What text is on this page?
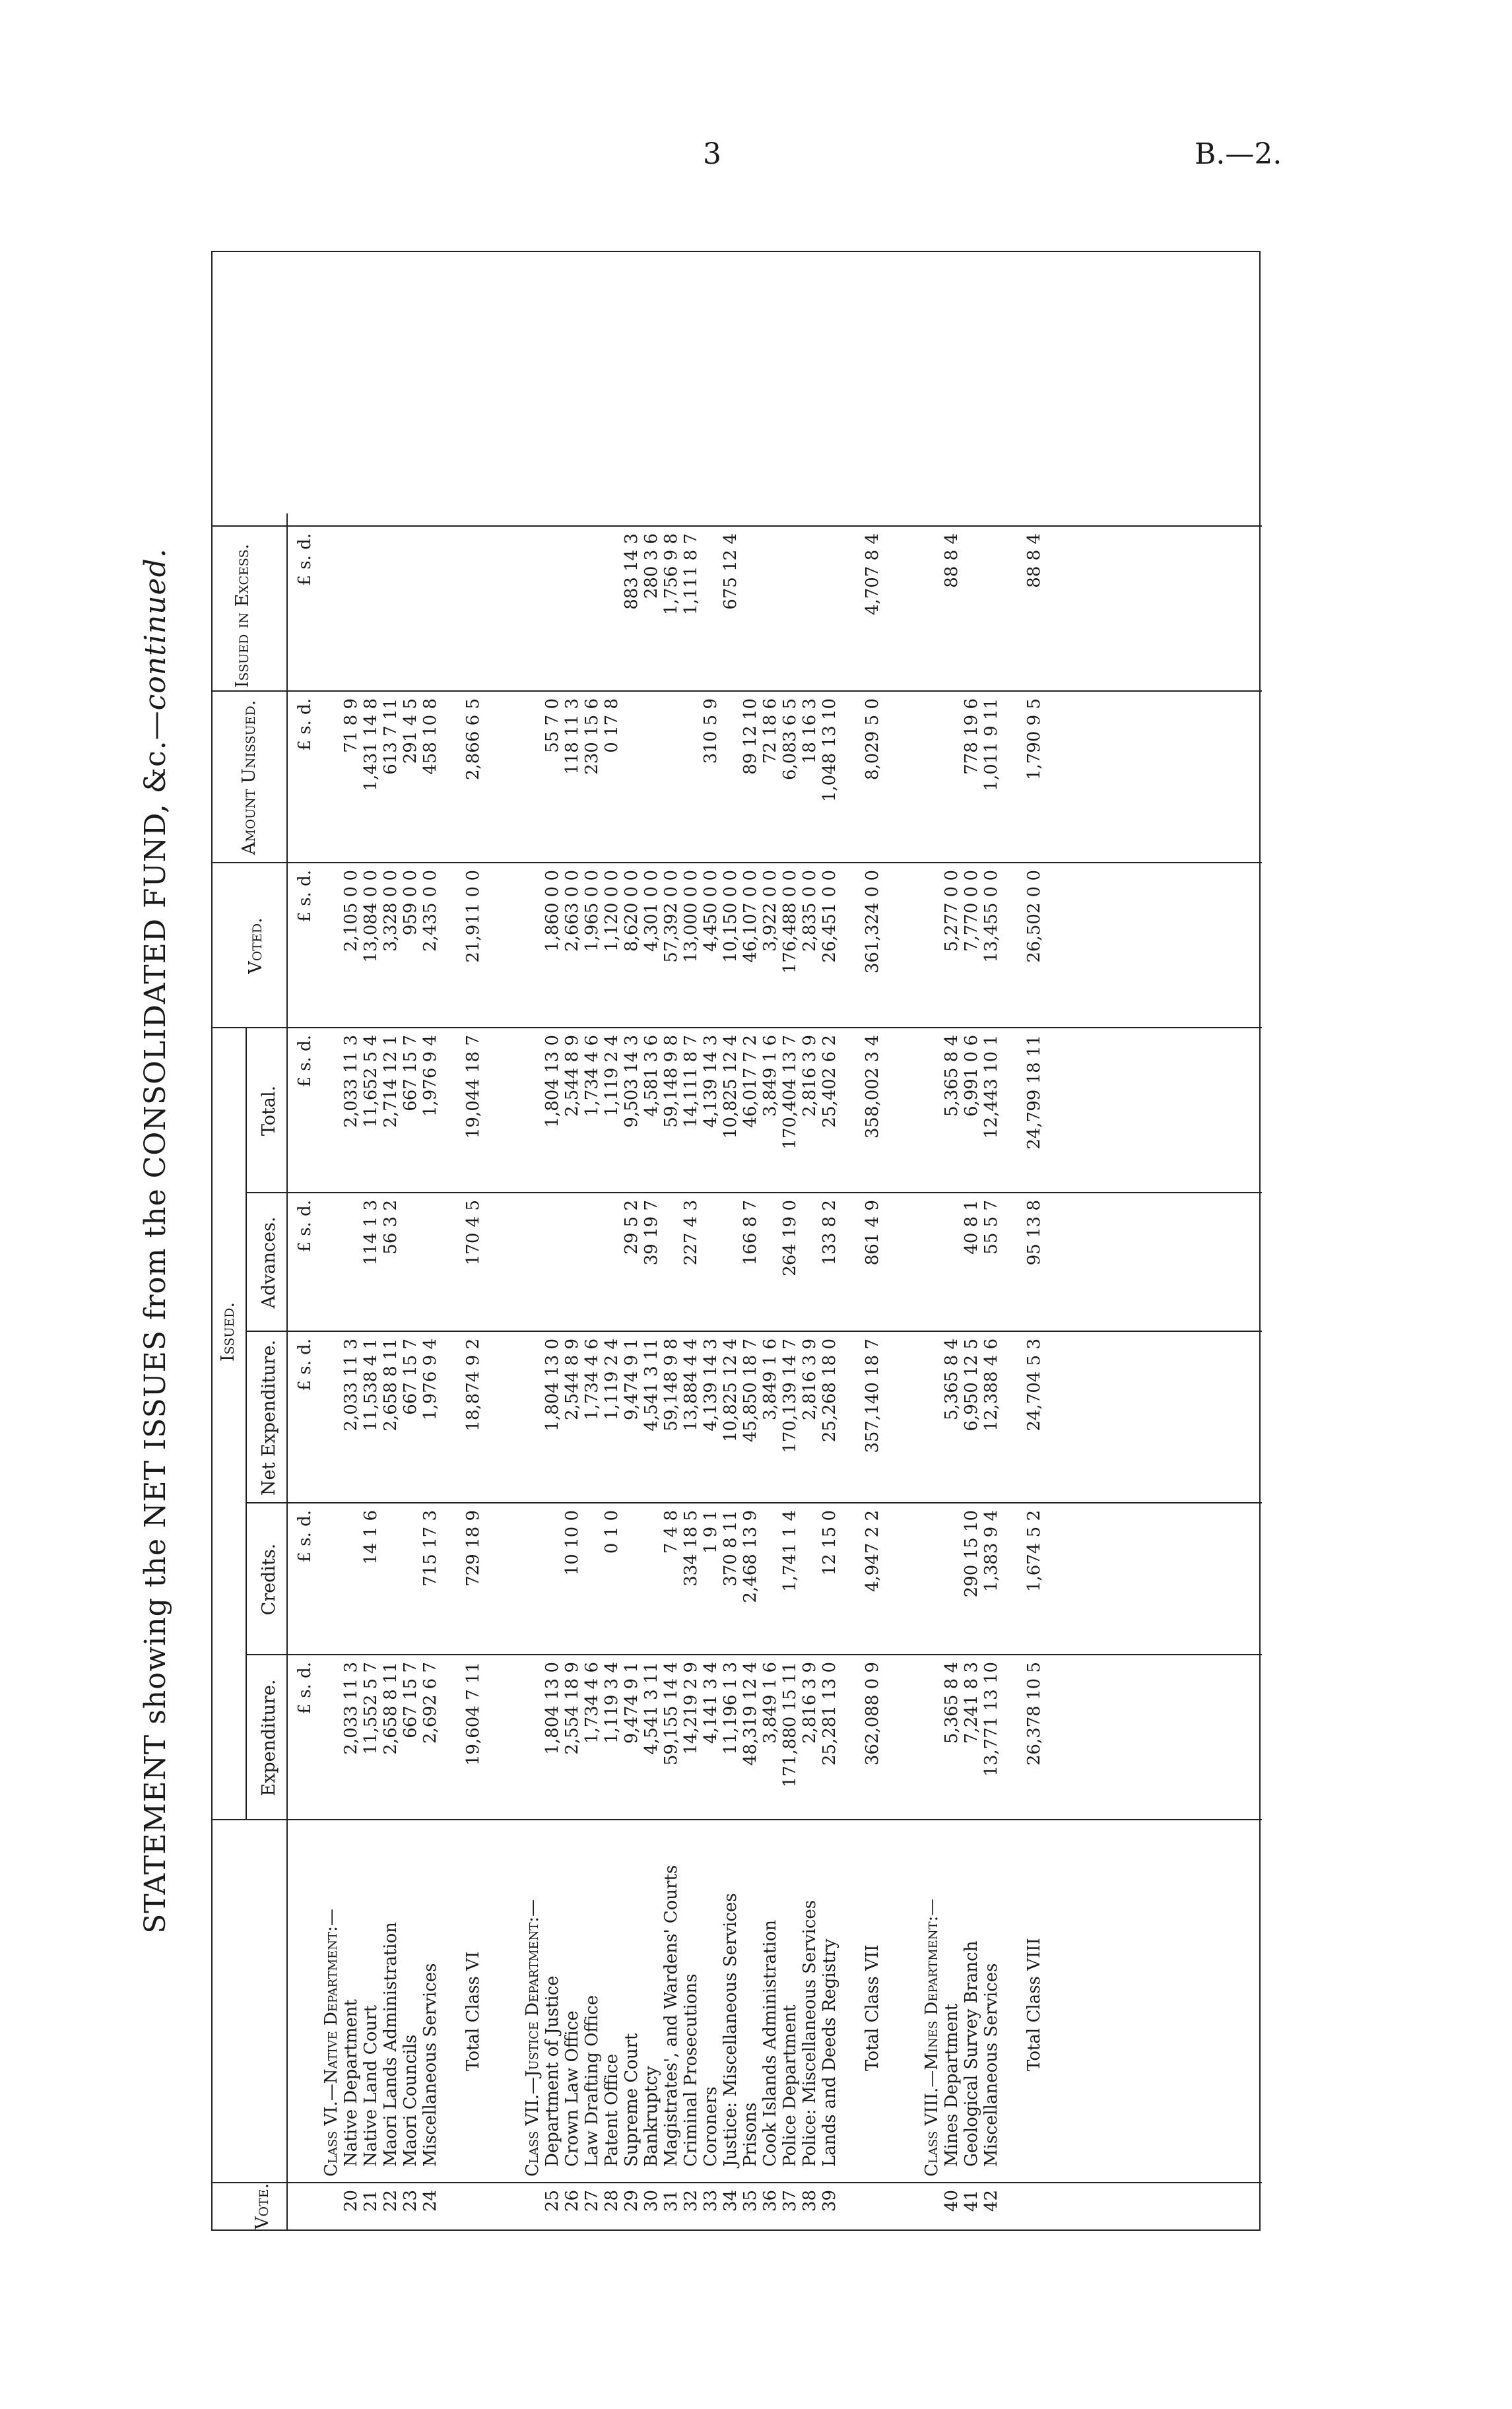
3	B.—2.
STATEMENT showing the NET ISSUES from the CONSOLIDATED FUND, &c.—continued.
Vote.
Issued.
Expenditure.
Credits.
Net Expenditure.
Advances.
Total.
Voted.
Amount Unissued.
Issued in Excess.
£ s. d.
£ s. d.
£ s. d.
£ s. d.
£ s. d.
£ s. d.
£ s. d.
£ s. d.
Class VI.—Native Department:—
20
Native Department
2,033 11 3
2,033 11 3
2,033 11 3
2,105 0 0
71 8 9
21
Native Land Court
11,552 5 7
14 1 6
11,538 4 1
114 1 3
11,652 5 4
13,084 0 0
1,431 14 8
22
Maori Lands Administration
2,658 8 11
2,658 8 11
56 3 2
2,714 12 1
3,328 0 0
613 7 11
23
Maori Councils
667 15 7
667 15 7
667 15 7
959 0 0
291 4 5
24
Miscellaneous Services
2,692 6 7
715 17 3
1,976 9 4
1,976 9 4
2,435 0 0
458 10 8
Total Class VI
19,604 7 11
729 18 9
18,874 9 2
170 4 5
19,044 18 7
21,911 0 0
2,866 6 5
Class VII.—Justice Department:—
25
Department of Justice
1,804 13 0
1,804 13 0
1,804 13 0
1,860 0 0
55 7 0
26
Crown Law Office
2,554 18 9
10 10 0
2,544 8 9
2,544 8 9
2,663 0 0
118 11 3
27
Law Drafting Office
1,734 4 6
1,734 4 6
1,734 4 6
1,965 0 0
230 15 6
28
Patent Office
1,119 3 4
0 1 0
1,119 2 4
1,119 2 4
1,120 0 0
0 17 8
29
Supreme Court
9,474 9 1
9,474 9 1
29 5 2
9,503 14 3
8,620 0 0
883 14 3
30
Bankruptcy
4,541 3 11
4,541 3 11
39 19 7
4,581 3 6
4,301 0 0
280 3 6
31
Magistrates', and Wardens' Courts
59,155 14 4
7 4 8
59,148 9 8
59,148 9 8
57,392 0 0
1,756 9 8
32
Criminal Prosecutions
14,219 2 9
334 18 5
13,884 4 4
227 4 3
14,111 8 7
13,000 0 0
1,111 8 7
33
Coroners
4,141 3 4
1 9 1
4,139 14 3
4,139 14 3
4,450 0 0
310 5 9
34
Justice: Miscellaneous Services
11,196 1 3
370 8 11
10,825 12 4
10,825 12 4
10,150 0 0
675 12 4
35
Prisons
48,319 12 4
2,468 13 9
45,850 18 7
166 8 7
46,017 7 2
46,107 0 0
89 12 10
36
Cook Islands Administration
3,849 1 6
3,849 1 6
3,849 1 6
3,922 0 0
72 18 6
37
Police Department
171,880 15 11
1,741 1 4
170,139 14 7
264 19 0
170,404 13 7
176,488 0 0
6,083 6 5
38
Police: Miscellaneous Services
2,816 3 9
2,816 3 9
2,816 3 9
2,835 0 0
18 16 3
39
Lands and Deeds Registry
25,281 13 0
12 15 0
25,268 18 0
133 8 2
25,402 6 2
26,451 0 0
1,048 13 10
Total Class VII
362,088 0 9
4,947 2 2
357,140 18 7
861 4 9
358,002 3 4
361,324 0 0
8,029 5 0
4,707 8 4
Class VIII.—Mines Department:—
40
Mines Department
5,365 8 4
5,365 8 4
5,365 8 4
5,277 0 0
88 8 4
41
Geological Survey Branch
7,241 8 3
290 15 10
6,950 12 5
40 8 1
6,991 0 6
7,770 0 0
778 19 6
42
Miscellaneous Services
13,771 13 10
1,383 9 4
12,388 4 6
55 5 7
12,443 10 1
13,455 0 0
1,011 9 11
Total Class VIII
26,378 10 5
1,674 5 2
24,704 5 3
95 13 8
24,799 18 11
26,502 0 0
1,790 9 5
88 8 4
